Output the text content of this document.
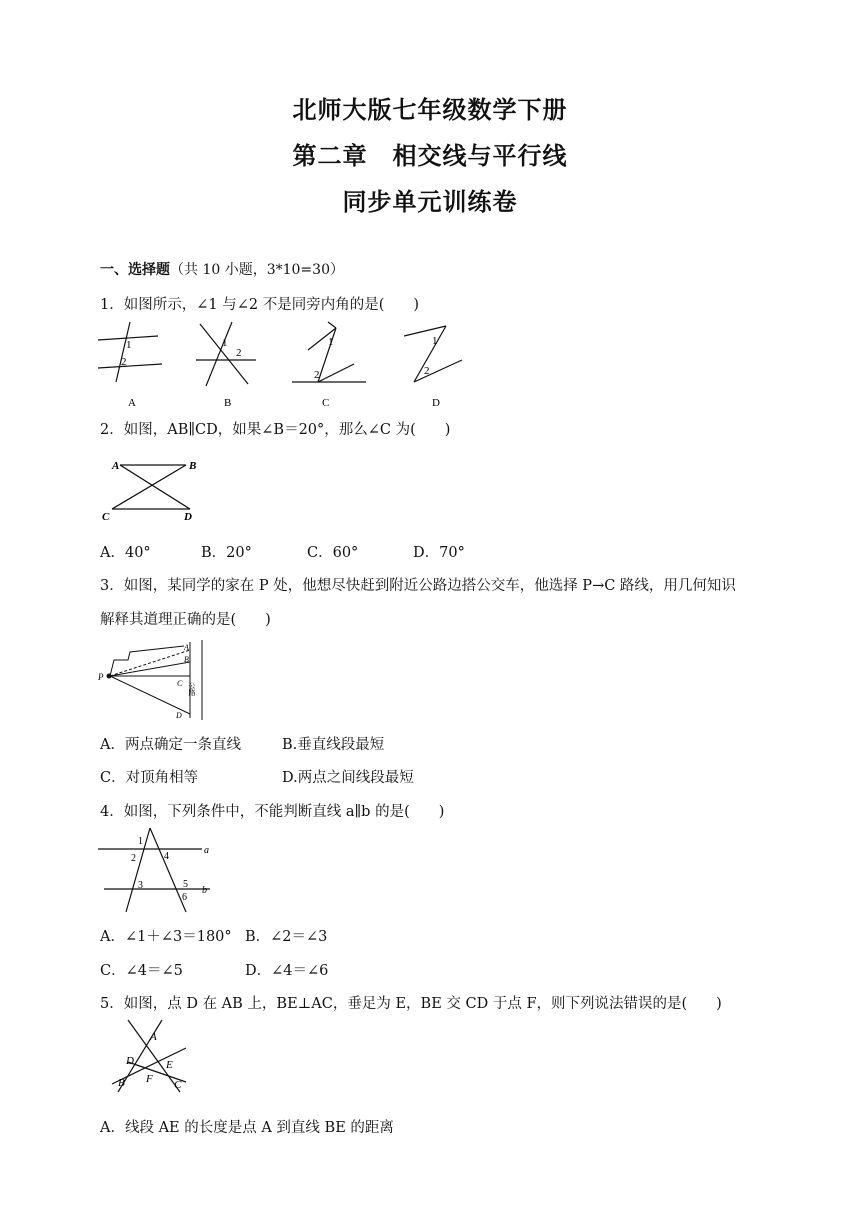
北师大版七年级数学下册
第二章　相交线与平行线
同步单元训练卷
一、选择题（共 10 小题，3*10=30）
1．如图所示，∠1 与∠2 不是同旁内角的是(　　)
1
2
A
1
2
B
1
2
C
1
2
D
2．如图，AB∥CD，如果∠B＝20°，那么∠C 为(　　)
A	B
C	D
A．40°	B．20°	C．60°	D．70°
3．如图，某同学的家在 P 处，他想尽快赶到附近公路边搭公交车，他选择 P→C 路线，用几何知识
解释其道理正确的是(　　)
P
A
B
C
D
公路
A．两点确定一条直线	B.垂直线段最短
C．对顶角相等	D.两点之间线段最短
4．如图，下列条件中，不能判断直线 a∥b 的是(　　)
1
2
3
4
5
6
a
b
A．∠1＋∠3＝180° B．∠2＝∠3
C．∠4＝∠5	D．∠4＝∠6
5．如图，点 D 在 AB 上，BE⊥AC，垂足为 E，BE 交 CD 于点 F，则下列说法错误的是(　　)
A
D	E
B F C
A．线段 AE 的长度是点 A 到直线 BE 的距离
